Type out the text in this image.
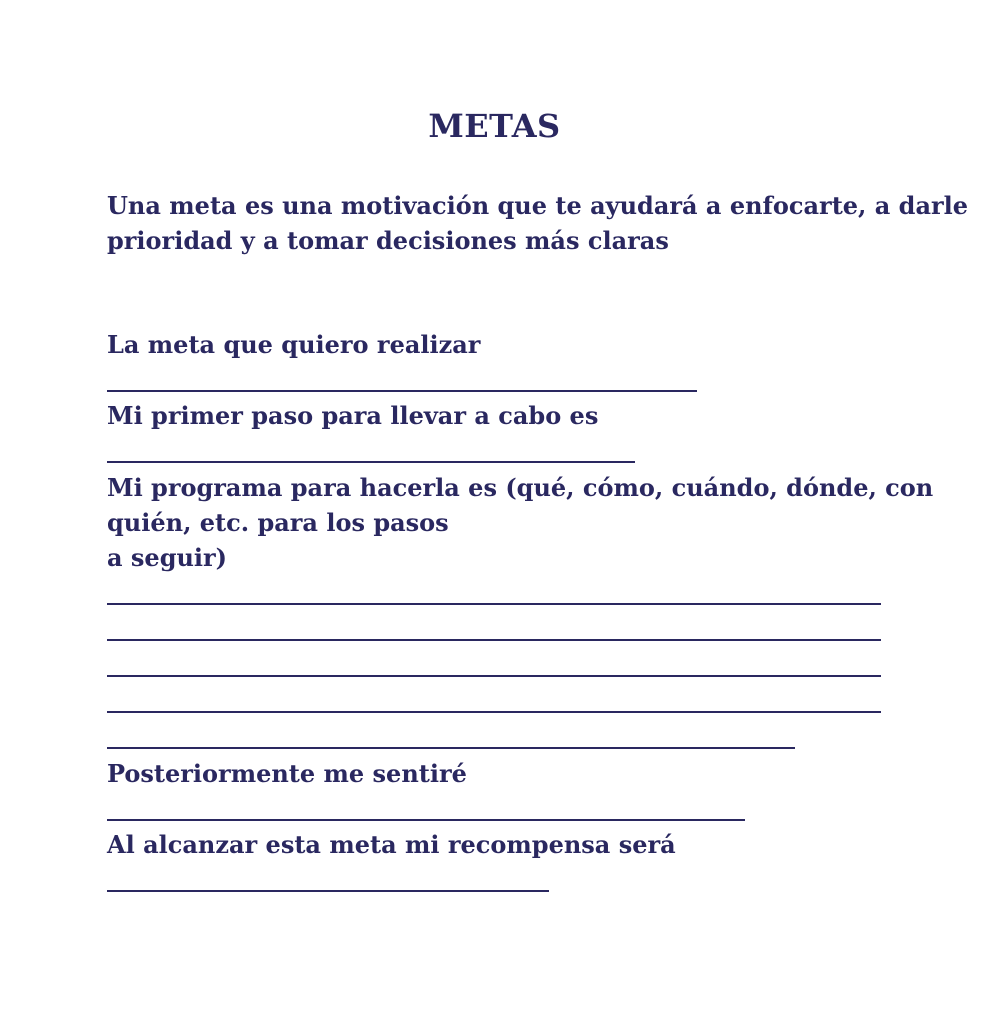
METAS
Una meta es una motivación que te ayudará a enfocarte, a darle
prioridad y a tomar decisiones más claras
La meta que quiero realizar
Mi primer paso para llevar a cabo es
Mi programa para hacerla es (qué, cómo, cuándo, dónde, con
quién, etc. para los pasos
a seguir)
Posteriormente me sentiré
Al alcanzar esta meta mi recompensa será
